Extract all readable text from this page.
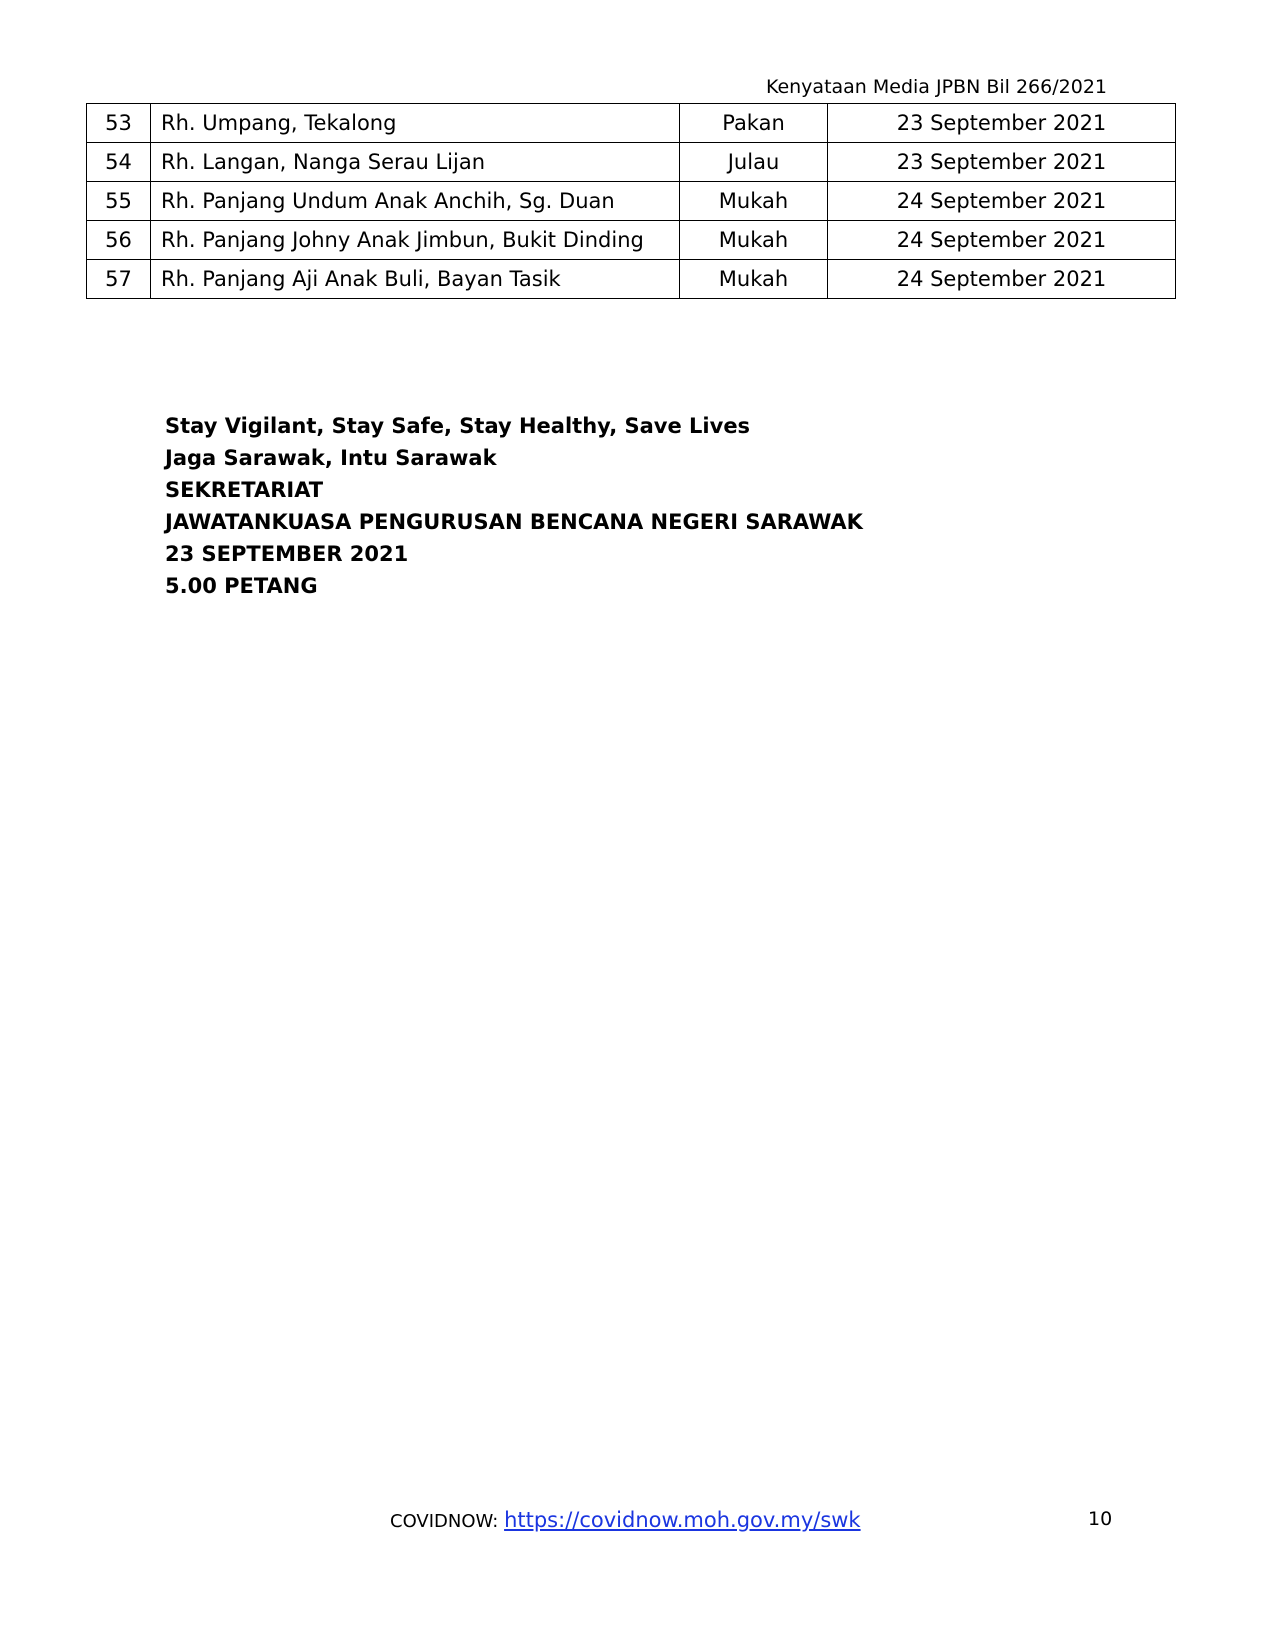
Kenyataan Media JPBN Bil 266/2021
53	Rh. Umpang, Tekalong	Pakan	23 September 2021
54	Rh. Langan, Nanga Serau Lijan	Julau	23 September 2021
55	Rh. Panjang Undum Anak Anchih, Sg. Duan	Mukah	24 September 2021
56	Rh. Panjang Johny Anak Jimbun, Bukit Dinding	Mukah	24 September 2021
57	Rh. Panjang Aji Anak Buli, Bayan Tasik	Mukah	24 September 2021
Stay Vigilant, Stay Safe, Stay Healthy, Save Lives
Jaga Sarawak, Intu Sarawak
SEKRETARIAT
JAWATANKUASA PENGURUSAN BENCANA NEGERI SARAWAK
23 SEPTEMBER 2021
5.00 PETANG
COVIDNOW: https://covidnow.moh.gov.my/swk	10
